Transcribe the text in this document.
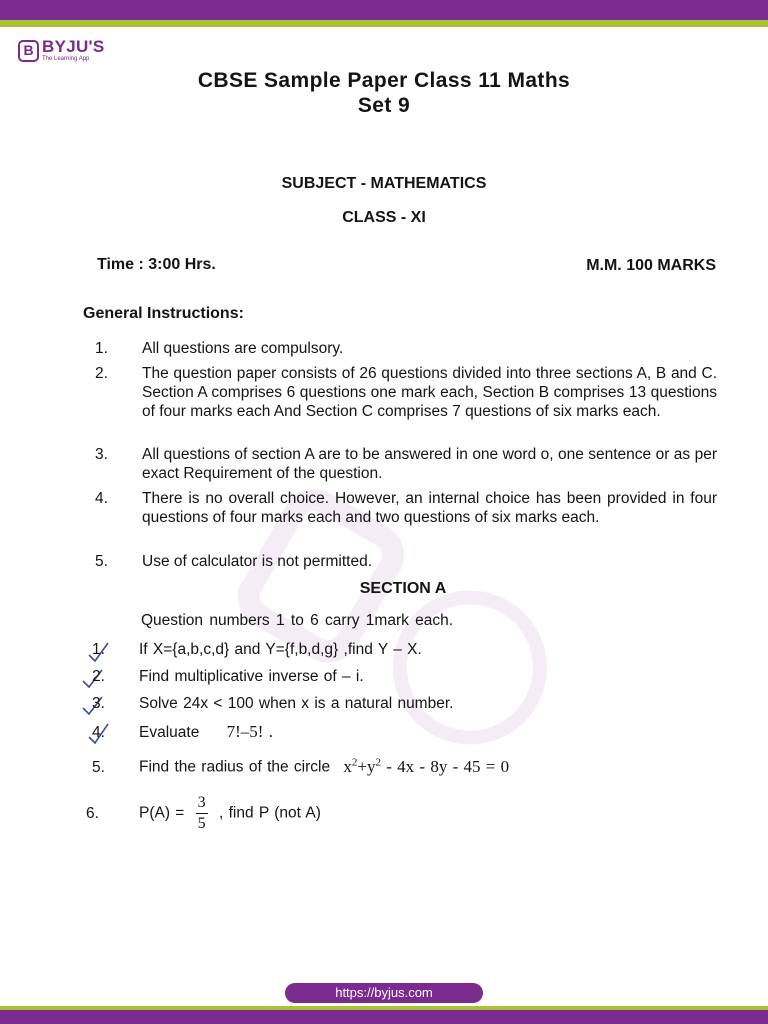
B BYJU'S
The Learning App
CBSE Sample Paper Class 11 Maths
Set 9
SUBJECT - MATHEMATICS
CLASS - XI
Time : 3:00 Hrs.	M.M. 100 MARKS
General Instructions:
1.	All questions are compulsory.
2.	The question paper consists of 26 questions divided into three sections A, B and C. Section A comprises 6 questions one mark each, Section B comprises 13 questions of four marks each And Section C comprises 7 questions of six marks each.
3.	All questions of section A are to be answered in one word o, one sentence or as per exact Requirement of the question.
4.	There is no overall choice. However, an internal choice has been provided in four questions of four marks each and two questions of six marks each.
5.	Use of calculator is not permitted.
SECTION A
Question numbers 1 to 6 carry 1mark each.
1. If X={a,b,c,d} and Y={f,b,d,g} ,find Y – X.
2. Find multiplicative inverse of – i.
3. Solve 24x < 100 when x is a natural number.
4. Evaluate 7!–5! .
5. Find the radius of the circle $x^2+y^2 - 4x - 8y - 45 = 0$
6.	$P(A) = \frac{3}{5}$ , find P (not A)
https://byjus.com
